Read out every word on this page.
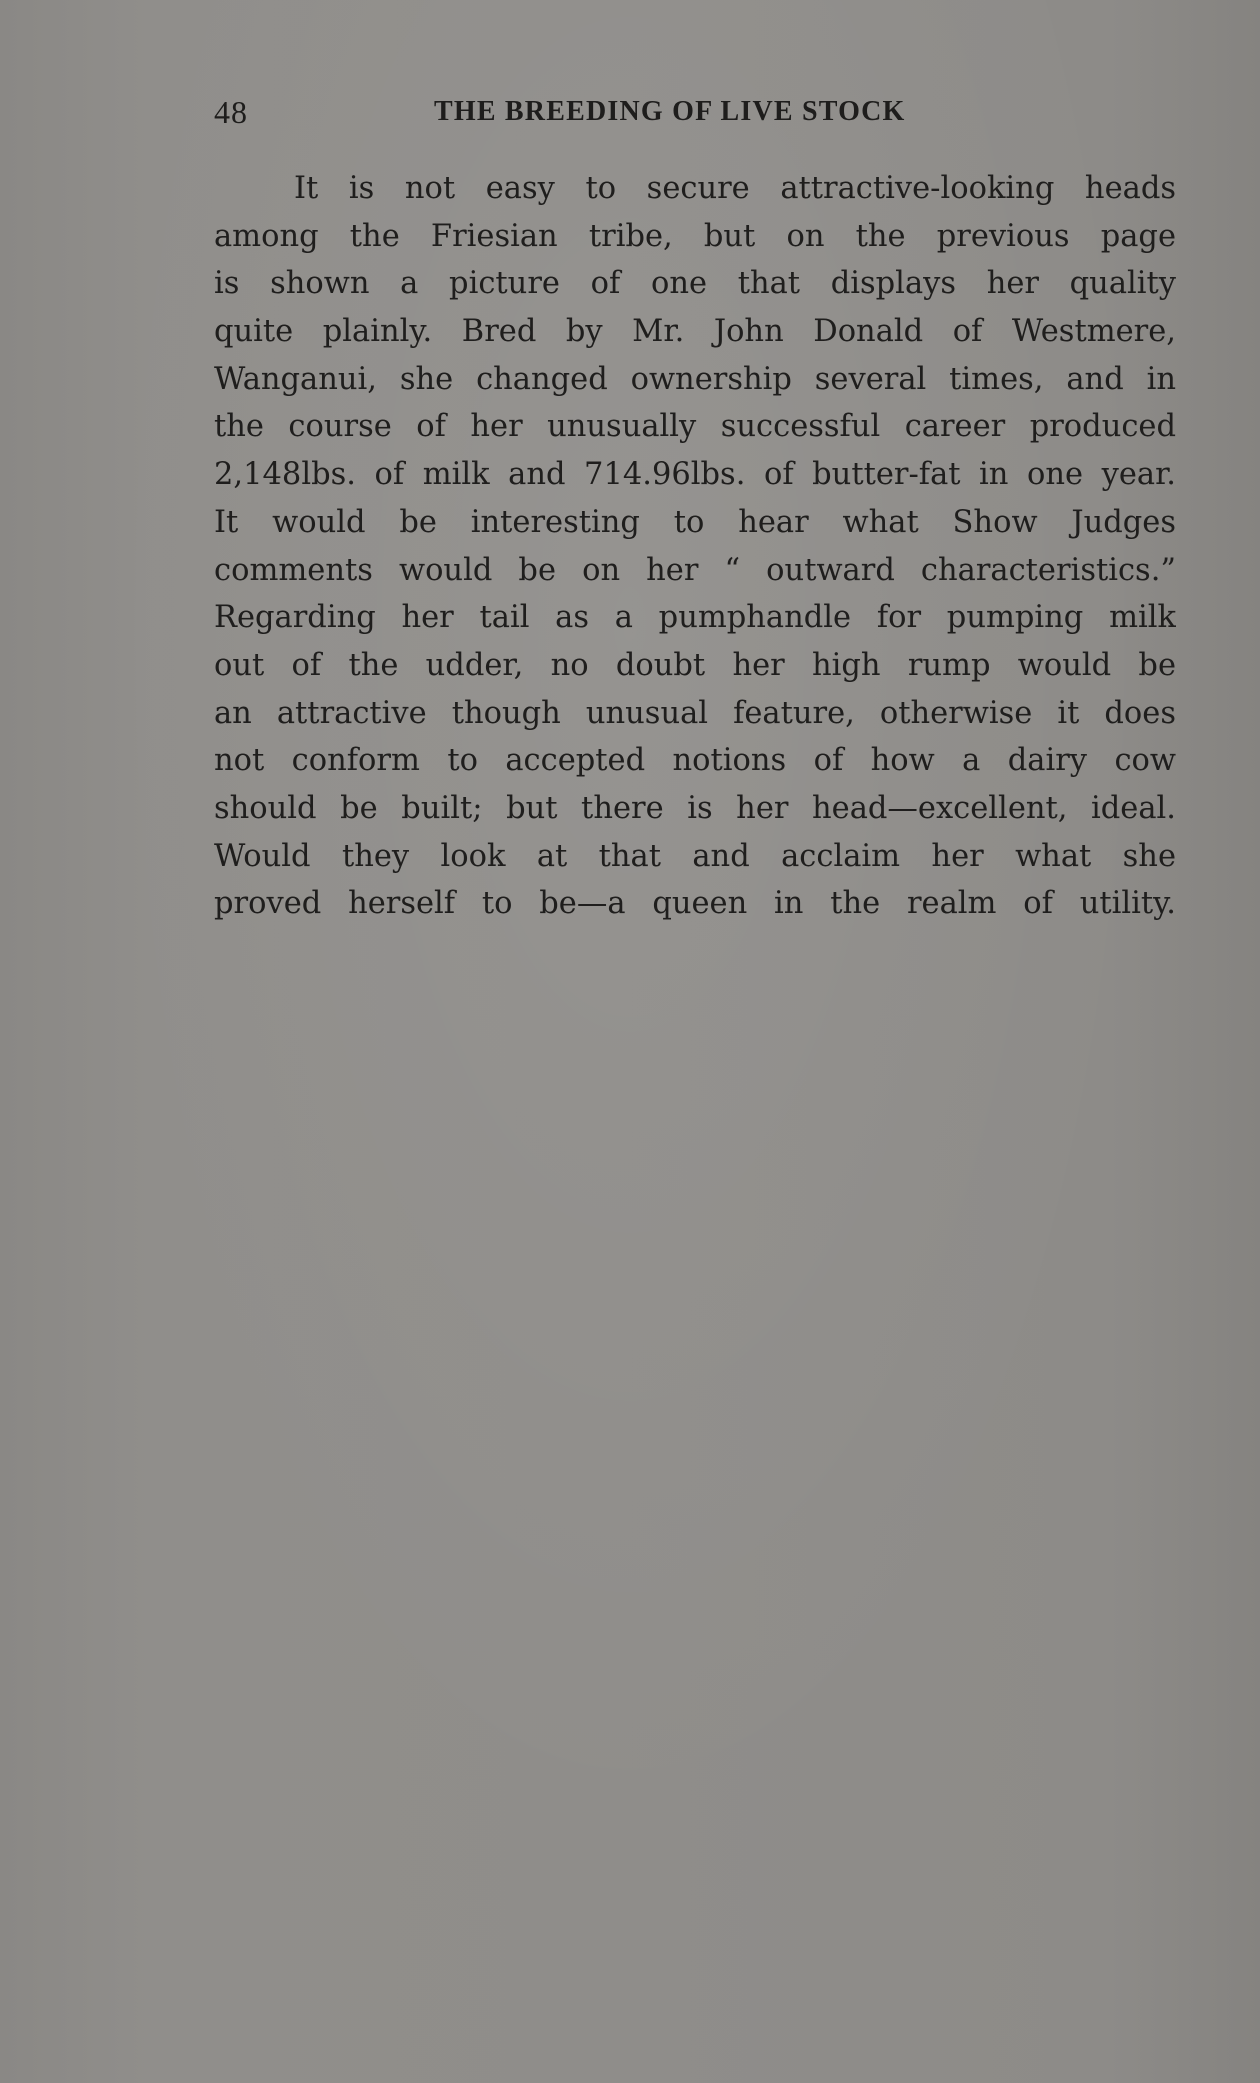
48	THE BREEDING OF LIVE STOCK
It is not easy to secure attractive-looking heads
among the Friesian tribe, but on the previous page
is shown a picture of one that displays her quality
quite plainly. Bred by Mr. John Donald of Westmere,
Wanganui, she changed ownership several times, and in
the course of her unusually successful career produced
2,148lbs. of milk and 714.96lbs. of butter-fat in one year.
It would be interesting to hear what Show Judges
comments would be on her “ outward characteristics.”
Regarding her tail as a pumphandle for pumping milk
out of the udder, no doubt her high rump would be
an attractive though unusual feature, otherwise it does
not conform to accepted notions of how a dairy cow
should be built; but there is her head—excellent, ideal.
Would they look at that and acclaim her what she
proved herself to be—a queen in the realm of utility.
